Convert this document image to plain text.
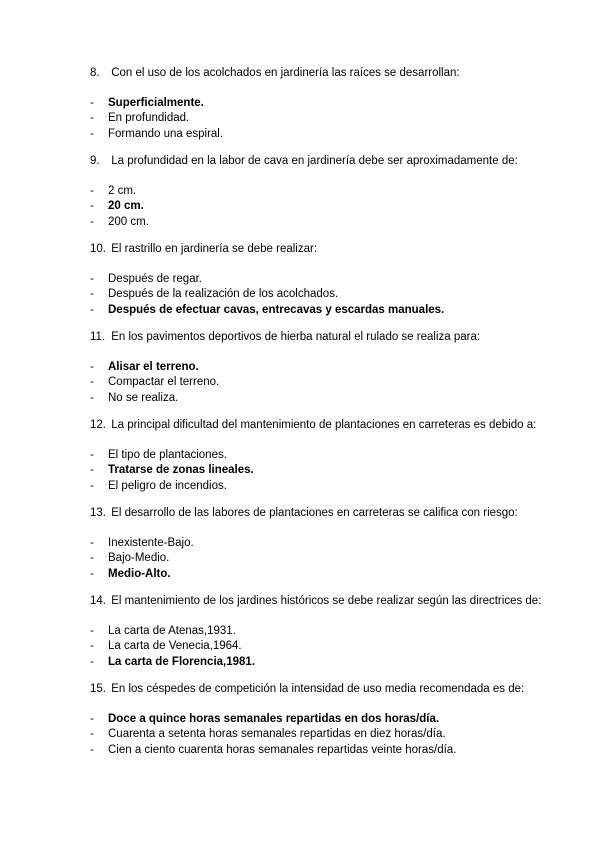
8. Con el uso de los acolchados en jardinería las raíces se desarrollan:

- Superficialmente.
- En profundidad.
- Formando una espiral.

9. La profundidad en la labor de cava en jardinería debe ser aproximadamente de:

- 2 cm.
- 20 cm.
- 200 cm.

10. El rastrillo en jardinería se debe realizar:

- Después de regar.
- Después de la realización de los acolchados.
- Después de efectuar cavas, entrecavas y escardas manuales.

11. En los pavimentos deportivos de hierba natural el rulado se realiza para:

- Alisar el terreno.
- Compactar el terreno.
- No se realiza.

12. La principal dificultad del mantenimiento de plantaciones en carreteras es debido a:

- El tipo de plantaciones.
- Tratarse de zonas lineales.
- El peligro de incendios.

13. El desarrollo de las labores de plantaciones en carreteras se califica con riesgo:

- Inexistente-Bajo.
- Bajo-Medio.
- Medio-Alto.

14. El mantenimiento de los jardines históricos se debe realizar según las directrices de:

- La carta de Atenas,1931.
- La carta de Venecia,1964.
- La carta de Florencia,1981.

15. En los céspedes de competición la intensidad de uso media recomendada es de:

- Doce a quince horas semanales repartidas en dos horas/día.
- Cuarenta a setenta horas semanales repartidas en diez horas/día.
- Cien a ciento cuarenta horas semanales repartidas veinte horas/día.
